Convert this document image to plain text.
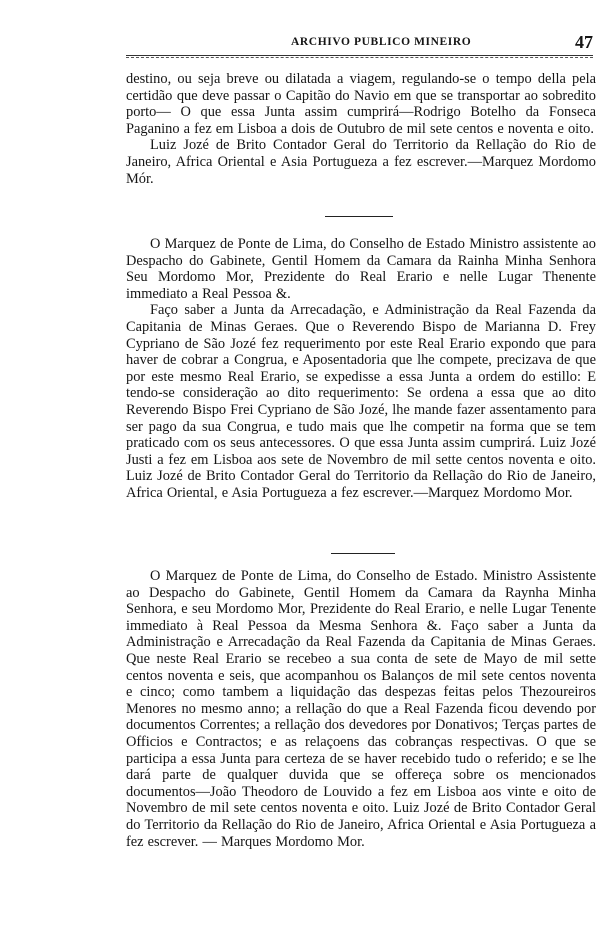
ARCHIVO PUBLICO MINEIRO	47

destino, ou seja breve ou dilatada a viagem, regulando-se o tempo della pela certidão que deve passar o Capitão do Navio em que se transportar ao sobredito porto— O que essa Junta assim cumprirá—Rodrigo Botelho da Fonseca Paganino a fez em Lisboa a dois de Outubro de mil sete centos e noventa e oito.

Luiz Jozé de Brito Contador Geral do Territorio da Rellação do Rio de Janeiro, Africa Oriental e Asia Portugueza a fez escrever.—Marquez Mordomo Mór.

O Marquez de Ponte de Lima, do Conselho de Estado Ministro assistente ao Despacho do Gabinete, Gentil Homem da Camara da Rainha Minha Senhora Seu Mordomo Mor, Prezidente do Real Erario e nelle Lugar Thenente immediato a Real Pessoa &.

Faço saber a Junta da Arrecadação, e Administração da Real Fazenda da Capitania de Minas Geraes. Que o Reverendo Bispo de Marianna D. Frey Cypriano de São Jozé fez requerimento por este Real Erario expondo que para haver de cobrar a Congrua, e Aposentadoria que lhe compete, precizava de que por este mesmo Real Erario, se expedisse a essa Junta a ordem do estillo: E tendo-se consideração ao dito requerimento: Se ordena a essa que ao dito Reverendo Bispo Frei Cypriano de São Jozé, lhe mande fazer assentamento para ser pago da sua Congrua, e tudo mais que lhe competir na forma que se tem praticado com os seus antecessores. O que essa Junta assim cumprirá. Luiz Jozé Justi a fez em Lisboa aos sete de Novembro de mil sette centos noventa e oito. Luiz Jozé de Brito Contador Geral do Territorio da Rellação do Rio de Janeiro, Africa Oriental, e Asia Portugueza a fez escrever.—Marquez Mordomo Mor.

O Marquez de Ponte de Lima, do Conselho de Estado. Ministro Assistente ao Despacho do Gabinete, Gentil Homem da Camara da Raynha Minha Senhora, e seu Mordomo Mor, Prezidente do Real Erario, e nelle Lugar Tenente immediato à Real Pessoa da Mesma Senhora &. Faço saber a Junta da Administração e Arrecadação da Real Fazenda da Capitania de Minas Geraes. Que neste Real Erario se recebeo a sua conta de sete de Mayo de mil sette centos noventa e seis, que acompanhou os Balanços de mil sete centos noventa e cinco; como tambem a liquidação das despezas feitas pelos Thezoureiros Menores no mesmo anno; a rellação do que a Real Fazenda ficou devendo por documentos Correntes; a rellação dos devedores por Donativos; Terças partes de Officios e Contractos; e as relaçoens das cobranças respectivas. O que se participa a essa Junta para certeza de se haver recebido tudo o referido; e se lhe dará parte de qualquer duvida que se offereça sobre os mencionados documentos—João Theodoro de Louvido a fez em Lisboa aos vinte e oito de Novembro de mil sete centos noventa e oito. Luiz Jozé de Brito Contador Geral do Territorio da Rellação do Rio de Janeiro, Africa Oriental e Asia Portugueza a fez escrever. — Marques Mordomo Mor.
